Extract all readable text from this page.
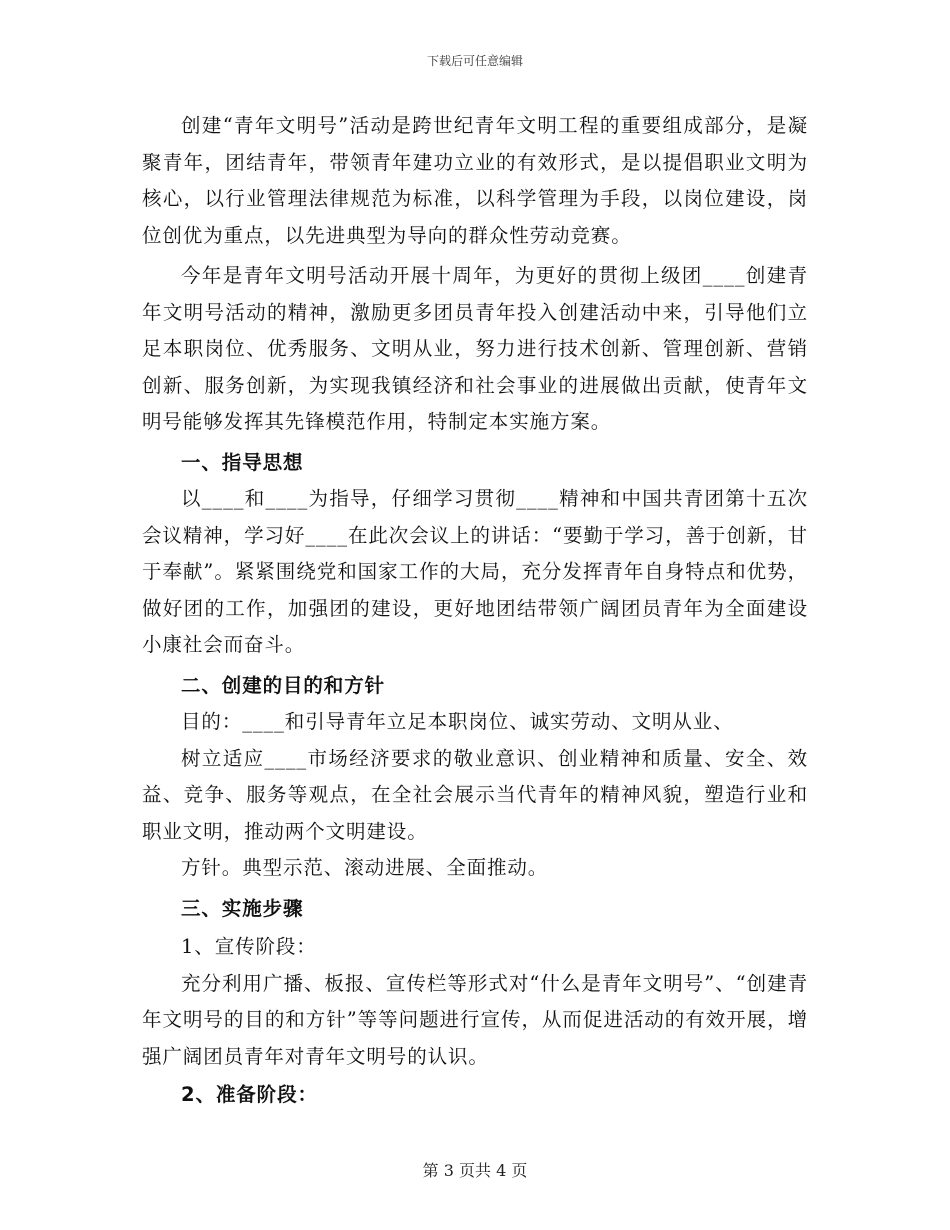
下载后可任意编辑

创建“青年文明号”活动是跨世纪青年文明工程的重要组成部分，是凝聚青年，团结青年，带领青年建功立业的有效形式，是以提倡职业文明为核心，以行业管理法律规范为标准，以科学管理为手段，以岗位建设，岗位创优为重点，以先进典型为导向的群众性劳动竞赛。

今年是青年文明号活动开展十周年，为更好的贯彻上级团____创建青年文明号活动的精神，激励更多团员青年投入创建活动中来，引导他们立足本职岗位、优秀服务、文明从业，努力进行技术创新、管理创新、营销创新、服务创新，为实现我镇经济和社会事业的进展做出贡献，使青年文明号能够发挥其先锋模范作用，特制定本实施方案。

一、指导思想

以____和____为指导，仔细学习贯彻____精神和中国共青团第十五次会议精神，学习好____在此次会议上的讲话：“要勤于学习，善于创新，甘于奉献”。紧紧围绕党和国家工作的大局，充分发挥青年自身特点和优势，做好团的工作，加强团的建设，更好地团结带领广阔团员青年为全面建设小康社会而奋斗。

二、创建的目的和方针

目的：____和引导青年立足本职岗位、诚实劳动、文明从业、

树立适应____市场经济要求的敬业意识、创业精神和质量、安全、效益、竞争、服务等观点，在全社会展示当代青年的精神风貌，塑造行业和职业文明，推动两个文明建设。

方针。典型示范、滚动进展、全面推动。

三、实施步骤

1、宣传阶段：

充分利用广播、板报、宣传栏等形式对“什么是青年文明号”、“创建青年文明号的目的和方针”等等问题进行宣传，从而促进活动的有效开展，增强广阔团员青年对青年文明号的认识。

2、准备阶段：

第 3 页共 4 页
